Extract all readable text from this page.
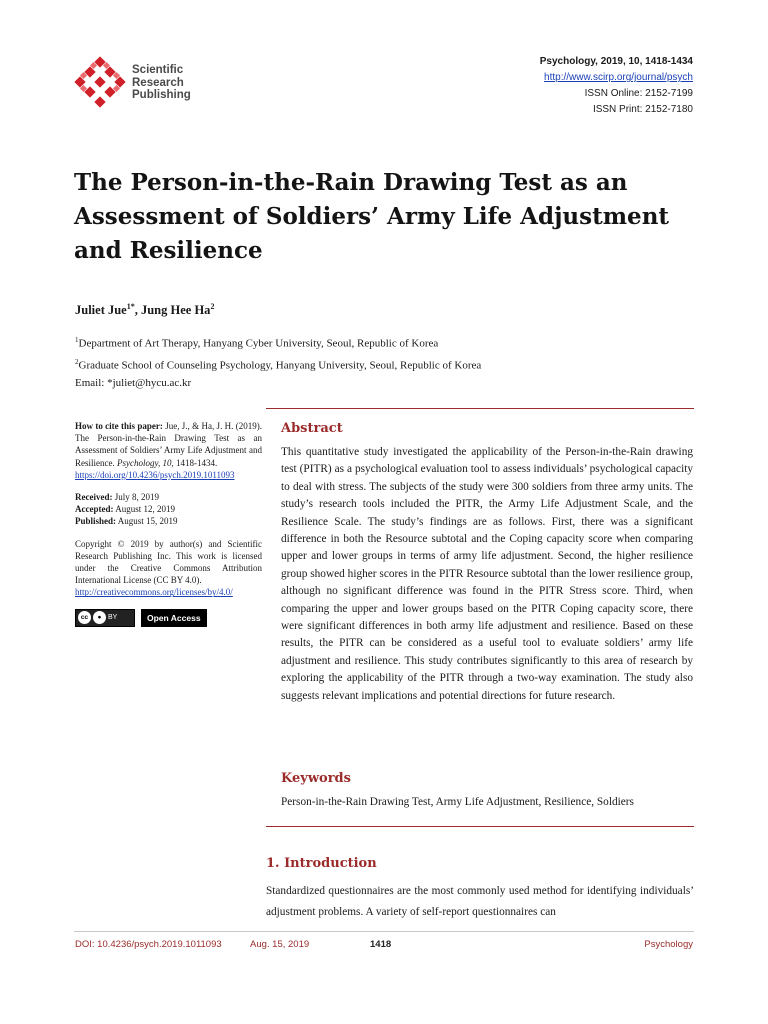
Scientific
Research
Publishing
Psychology, 2019, 10, 1418-1434
http://www.scirp.org/journal/psych
ISSN Online: 2152-7199
ISSN Print: 2152-7180
The Person-in-the-Rain Drawing Test as an Assessment of Soldiers’ Army Life Adjustment and Resilience
Juliet Jue$^{1*}$, Jung Hee Ha$^2$
$^1$Department of Art Therapy, Hanyang Cyber University, Seoul, Republic of Korea
$^2$Graduate School of Counseling Psychology, Hanyang University, Seoul, Republic of Korea
Email: *juliet@hycu.ac.kr

How to cite this paper: Jue, J., & Ha, J. H. (2019). The Person-in-the-Rain Drawing Test as an Assessment of Soldiers’ Army Life Adjustment and Resilience. Psychology, 10, 1418-1434.
https://doi.org/10.4236/psych.2019.1011093

Received: July 8, 2019
Accepted: August 12, 2019
Published: August 15, 2019

Copyright © 2019 by author(s) and Scientific Research Publishing Inc. This work is licensed under the Creative Commons Attribution International License (CC BY 4.0).
http://creativecommons.org/licenses/by/4.0/

cc	● BY	Open Access
Abstract

This quantitative study investigated the applicability of the Person-in-the-Rain drawing test (PITR) as a psychological evaluation tool to assess individuals’ psychological capacity to deal with stress. The subjects of the study were 300 soldiers from three army units. The study’s research tools included the PITR, the Army Life Adjustment Scale, and the Resilience Scale. The study’s findings are as follows. First, there was a significant difference in both the Resource subtotal and the Coping capacity score when comparing upper and lower groups in terms of army life adjustment. Second, the higher resilience group showed higher scores in the PITR Resource subtotal than the lower resilience group, although no significant difference was found in the PITR Stress score. Third, when comparing the upper and lower groups based on the PITR Coping capacity score, there were significant differences in both army life adjustment and resilience. Based on these results, the PITR can be considered as a useful tool to evaluate soldiers’ army life adjustment and resilience. This study contributes significantly to this area of research by exploring the applicability of the PITR through a two-way examination. The study also suggests relevant implications and potential directions for future research.

Keywords

Person-in-the-Rain Drawing Test, Army Life Adjustment, Resilience, Soldiers

1. Introduction

Standardized questionnaires are the most commonly used method for identifying individuals’ adjustment problems. A variety of self-report questionnaires can

DOI: 10.4236/psych.2019.1011093	Aug. 15, 2019	1418	Psychology
